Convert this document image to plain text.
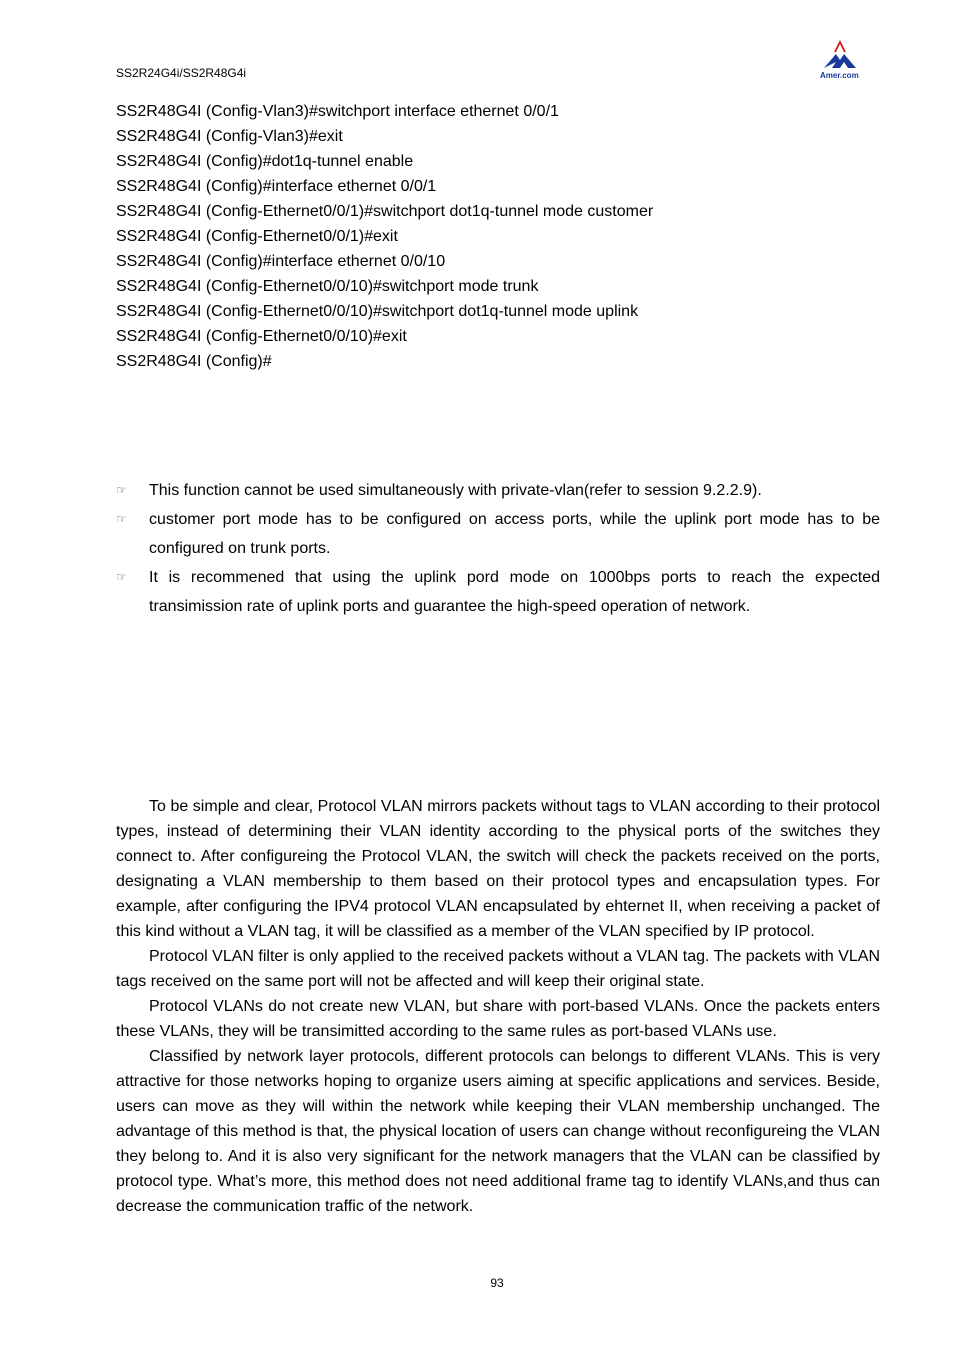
SS2R24G4i/SS2R48G4i	Amer.com
SS2R48G4I (Config-Vlan3)#switchport interface ethernet 0/0/1
SS2R48G4I (Config-Vlan3)#exit
SS2R48G4I (Config)#dot1q-tunnel enable
SS2R48G4I (Config)#interface ethernet 0/0/1
SS2R48G4I (Config-Ethernet0/0/1)#switchport dot1q-tunnel mode customer
SS2R48G4I (Config-Ethernet0/0/1)#exit
SS2R48G4I (Config)#interface ethernet 0/0/10
SS2R48G4I (Config-Ethernet0/0/10)#switchport mode trunk
SS2R48G4I (Config-Ethernet0/0/10)#switchport dot1q-tunnel mode uplink
SS2R48G4I (Config-Ethernet0/0/10)#exit
SS2R48G4I (Config)#
☞ This function cannot be used simultaneously with private-vlan(refer to session 9.2.2.9).
☞ customer port mode has to be configured on access ports, while the uplink port mode has to be configured on trunk ports.
☞ It is recommened that using the uplink pord mode on 1000bps ports to reach the expected transimission rate of uplink ports and guarantee the high-speed operation of network.

To be simple and clear, Protocol VLAN mirrors packets without tags to VLAN according to their protocol types, instead of determining their VLAN identity according to the physical ports of the switches they connect to. After configureing the Protocol VLAN, the switch will check the packets received on the ports, designating a VLAN membership to them based on their protocol types and encapsulation types. For example, after configuring the IPV4 protocol VLAN encapsulated by ehternet II, when receiving a packet of this kind without a VLAN tag, it will be classified as a member of the VLAN specified by IP protocol.

Protocol VLAN filter is only applied to the received packets without a VLAN tag. The packets with VLAN tags received on the same port will not be affected and will keep their original state.

Protocol VLANs do not create new VLAN, but share with port-based VLANs. Once the packets enters these VLANs, they will be transimitted according to the same rules as port-based VLANs use.

Classified by network layer protocols, different protocols can belongs to different VLANs. This is very attractive for those networks hoping to organize users aiming at specific applications and services. Beside, users can move as they will within the network while keeping their VLAN membership unchanged. The advantage of this method is that, the physical location of users can change without reconfigureing the VLAN they belong to. And it is also very significant for the network managers that the VLAN can be classified by protocol type. What’s more, this method does not need additional frame tag to identify VLANs,and thus can decrease the communication traffic of the network.

93
